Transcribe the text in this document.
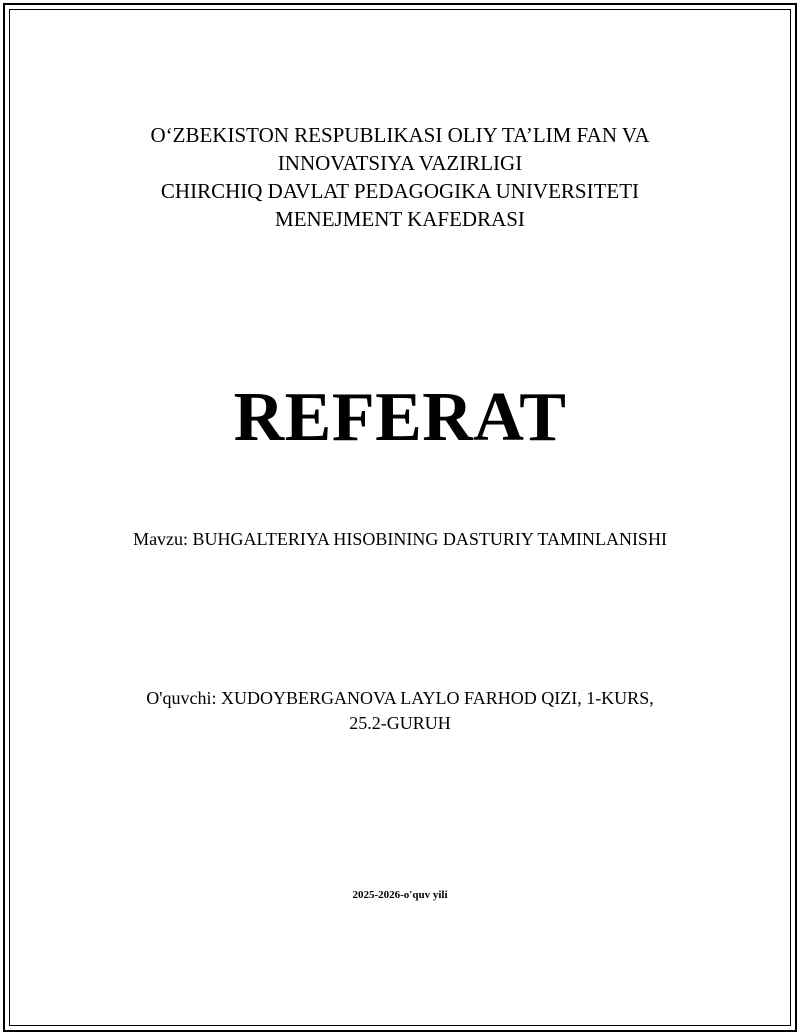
O‘ZBEKISTON RESPUBLIKASI OLIY TA’LIM FAN VA
INNOVATSIYA VAZIRLIGI
CHIRCHIQ DAVLAT PEDAGOGIKA UNIVERSITETI
MENEJMENT KAFEDRASI
REFERAT
Mavzu: BUHGALTERIYA HISOBINING DASTURIY TAMINLANISHI
O'quvchi: XUDOYBERGANOVA LAYLO FARHOD QIZI, 1-KURS,
25.2-GURUH
2025-2026-o'quv yili
